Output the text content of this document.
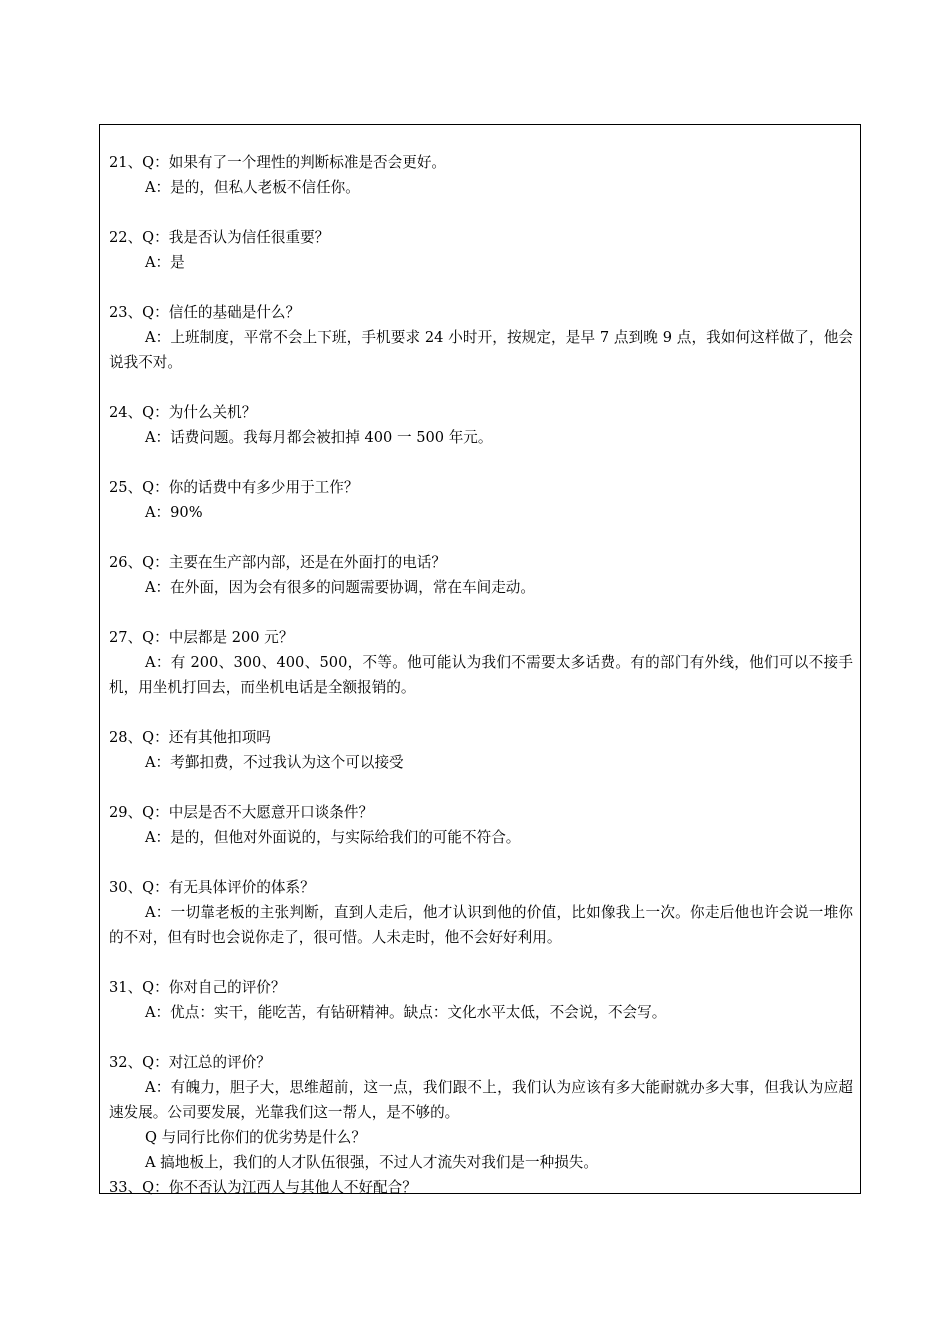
21、Q：如果有了一个理性的判断标准是否会更好。
A：是的，但私人老板不信任你。
22、Q：我是否认为信任很重要？
A：是
23、Q：信任的基础是什么？
A：上班制度，平常不会上下班，手机要求 24 小时开，按规定，是早 7 点到晚 9 点，我如何这样做了，他会说我不对。
24、Q：为什么关机？
A：话费问题。我每月都会被扣掉 400 一 500 年元。
25、Q：你的话费中有多少用于工作？
A：90%
26、Q：主要在生产部内部，还是在外面打的电话？
A：在外面，因为会有很多的问题需要协调，常在车间走动。
27、Q：中层都是 200 元？
A：有 200、300、400、500，不等。他可能认为我们不需要太多话费。有的部门有外线，他们可以不接手机，用坐机打回去，而坐机电话是全额报销的。
28、Q：还有其他扣项吗
A：考鄞扣费，不过我认为这个可以接受
29、Q：中层是否不大愿意开口谈条件？
A：是的，但他对外面说的，与实际给我们的可能不符合。
30、Q：有无具体评价的体系？
A：一切靠老板的主张判断，直到人走后，他才认识到他的价值，比如像我上一次。你走后他也许会说一堆你的不对，但有时也会说你走了，很可惜。人未走时，他不会好好利用。
31、Q：你对自己的评价？
A：优点：实干，能吃苦，有钻研精神。缺点：文化水平太低，不会说，不会写。
32、Q：对江总的评价？
A：有魄力，胆子大，思维超前，这一点，我们跟不上，我们认为应该有多大能耐就办多大事，但我认为应超速发展。公司要发展，光靠我们这一帮人，是不够的。
Q 与同行比你们的优劣势是什么？
A 搞地板上，我们的人才队伍很强，不过人才流失对我们是一种损失。
33、Q：你不否认为江西人与其他人不好配合？
